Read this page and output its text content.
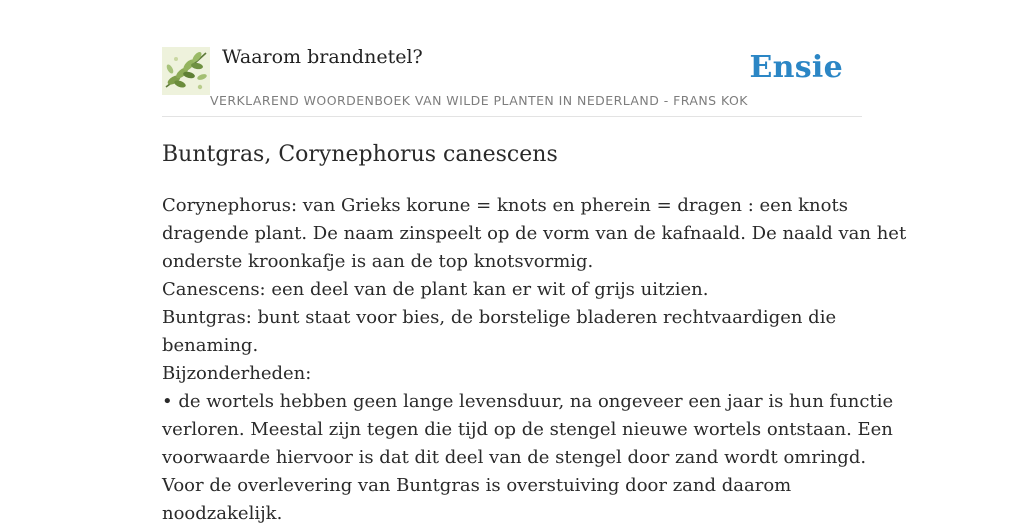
Waarom brandnetel?
VERKLAREND WOORDENBOEK VAN WILDE PLANTEN IN NEDERLAND - FRANS KOK
Ensie
Buntgras, Corynephorus canescens

Corynephorus: van Grieks korune = knots en pherein = dragen : een knots

dragende plant. De naam zinspeelt op de vorm van de kafnaald. De naald van het

onderste kroonkafje is aan de top knotsvormig.

Canescens: een deel van de plant kan er wit of grijs uitzien.

Buntgras: bunt staat voor bies, de borstelige bladeren rechtvaardigen die

benaming.

Bijzonderheden:

• de wortels hebben geen lange levensduur, na ongeveer een jaar is hun functie

verloren. Meestal zijn tegen die tijd op de stengel nieuwe wortels ontstaan. Een

voorwaarde hiervoor is dat dit deel van de stengel door zand wordt omringd.

Voor de overlevering van Buntgras is overstuiving door zand daarom

noodzakelijk.
